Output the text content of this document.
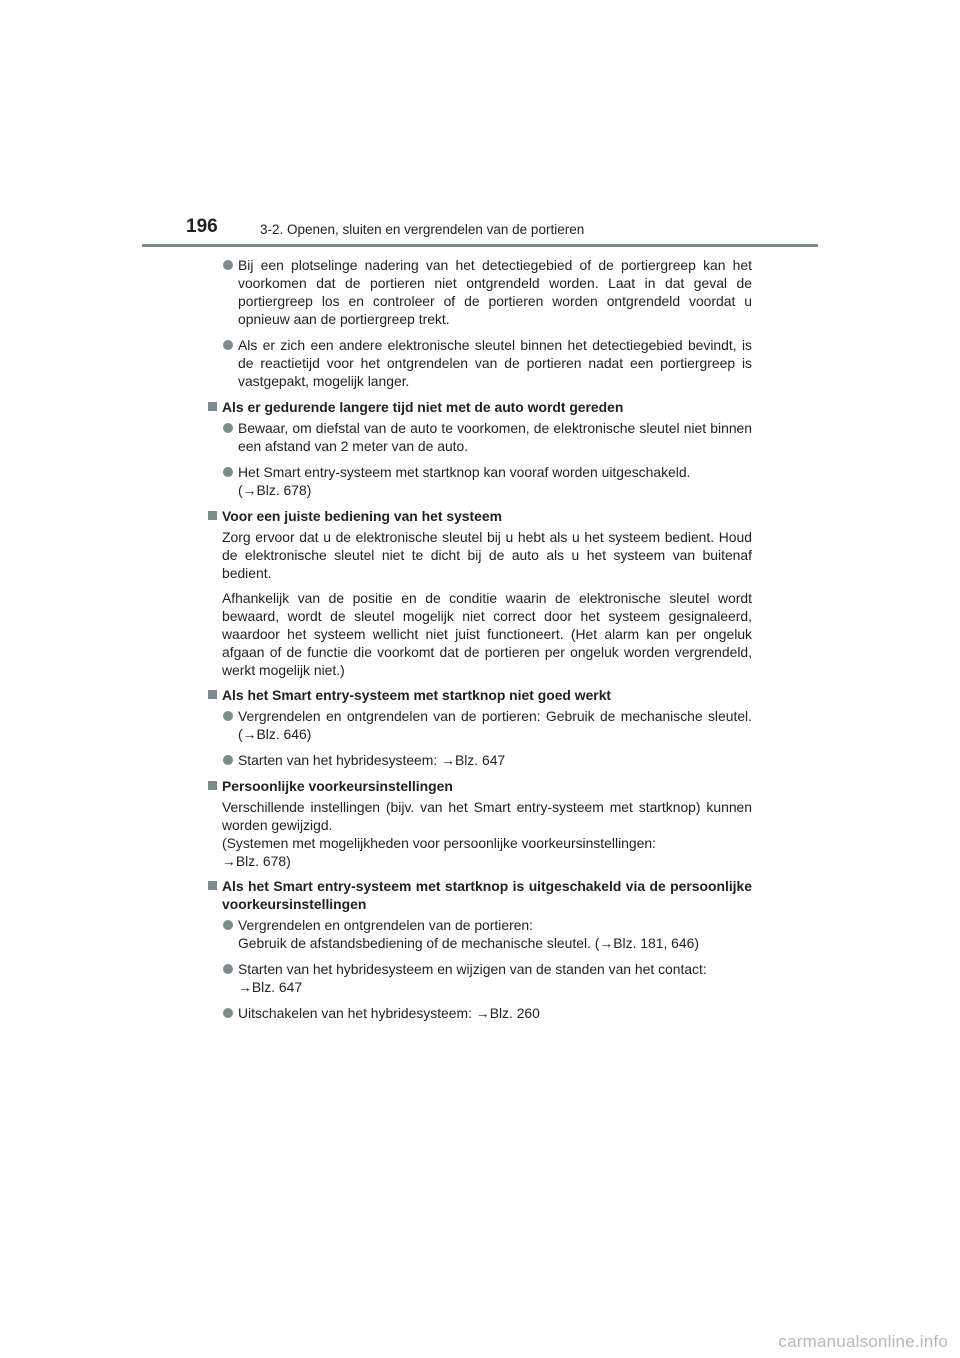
196	3-2. Openen, sluiten en vergrendelen van de portieren
Bij een plotselinge nadering van het detectiegebied of de portiergreep kan het voorkomen dat de portieren niet ontgrendeld worden. Laat in dat geval de portiergreep los en controleer of de portieren worden ontgrendeld voordat u opnieuw aan de portiergreep trekt.
Als er zich een andere elektronische sleutel binnen het detectiegebied bevindt, is de reactietijd voor het ontgrendelen van de portieren nadat een portiergreep is vastgepakt, mogelijk langer.
Als er gedurende langere tijd niet met de auto wordt gereden
Bewaar, om diefstal van de auto te voorkomen, de elektronische sleutel niet binnen een afstand van 2 meter van de auto.
Het Smart entry-systeem met startknop kan vooraf worden uitgeschakeld.
(→Blz. 678)
Voor een juiste bediening van het systeem

Zorg ervoor dat u de elektronische sleutel bij u hebt als u het systeem bedient. Houd de elektronische sleutel niet te dicht bij de auto als u het systeem van buitenaf bedient.

Afhankelijk van de positie en de conditie waarin de elektronische sleutel wordt bewaard, wordt de sleutel mogelijk niet correct door het systeem gesignaleerd, waardoor het systeem wellicht niet juist functioneert. (Het alarm kan per ongeluk afgaan of de functie die voorkomt dat de portieren per ongeluk worden vergrendeld, werkt mogelijk niet.)

Als het Smart entry-systeem met startknop niet goed werkt
Vergrendelen en ontgrendelen van de portieren: Gebruik de mechanische sleutel. (→Blz. 646)
Starten van het hybridesysteem: →Blz. 647
Persoonlijke voorkeursinstellingen

Verschillende instellingen (bijv. van het Smart entry-systeem met startknop) kunnen worden gewijzigd.
(Systemen met mogelijkheden voor persoonlijke voorkeursinstellingen:
→Blz. 678)

Als het Smart entry-systeem met startknop is uitgeschakeld via de persoonlijke voorkeursinstellingen
Vergrendelen en ontgrendelen van de portieren:
Gebruik de afstandsbediening of de mechanische sleutel. (→Blz. 181, 646)
Starten van het hybridesysteem en wijzigen van de standen van het contact:
→Blz. 647
Uitschakelen van het hybridesysteem: →Blz. 260
carmanualsonline.info
